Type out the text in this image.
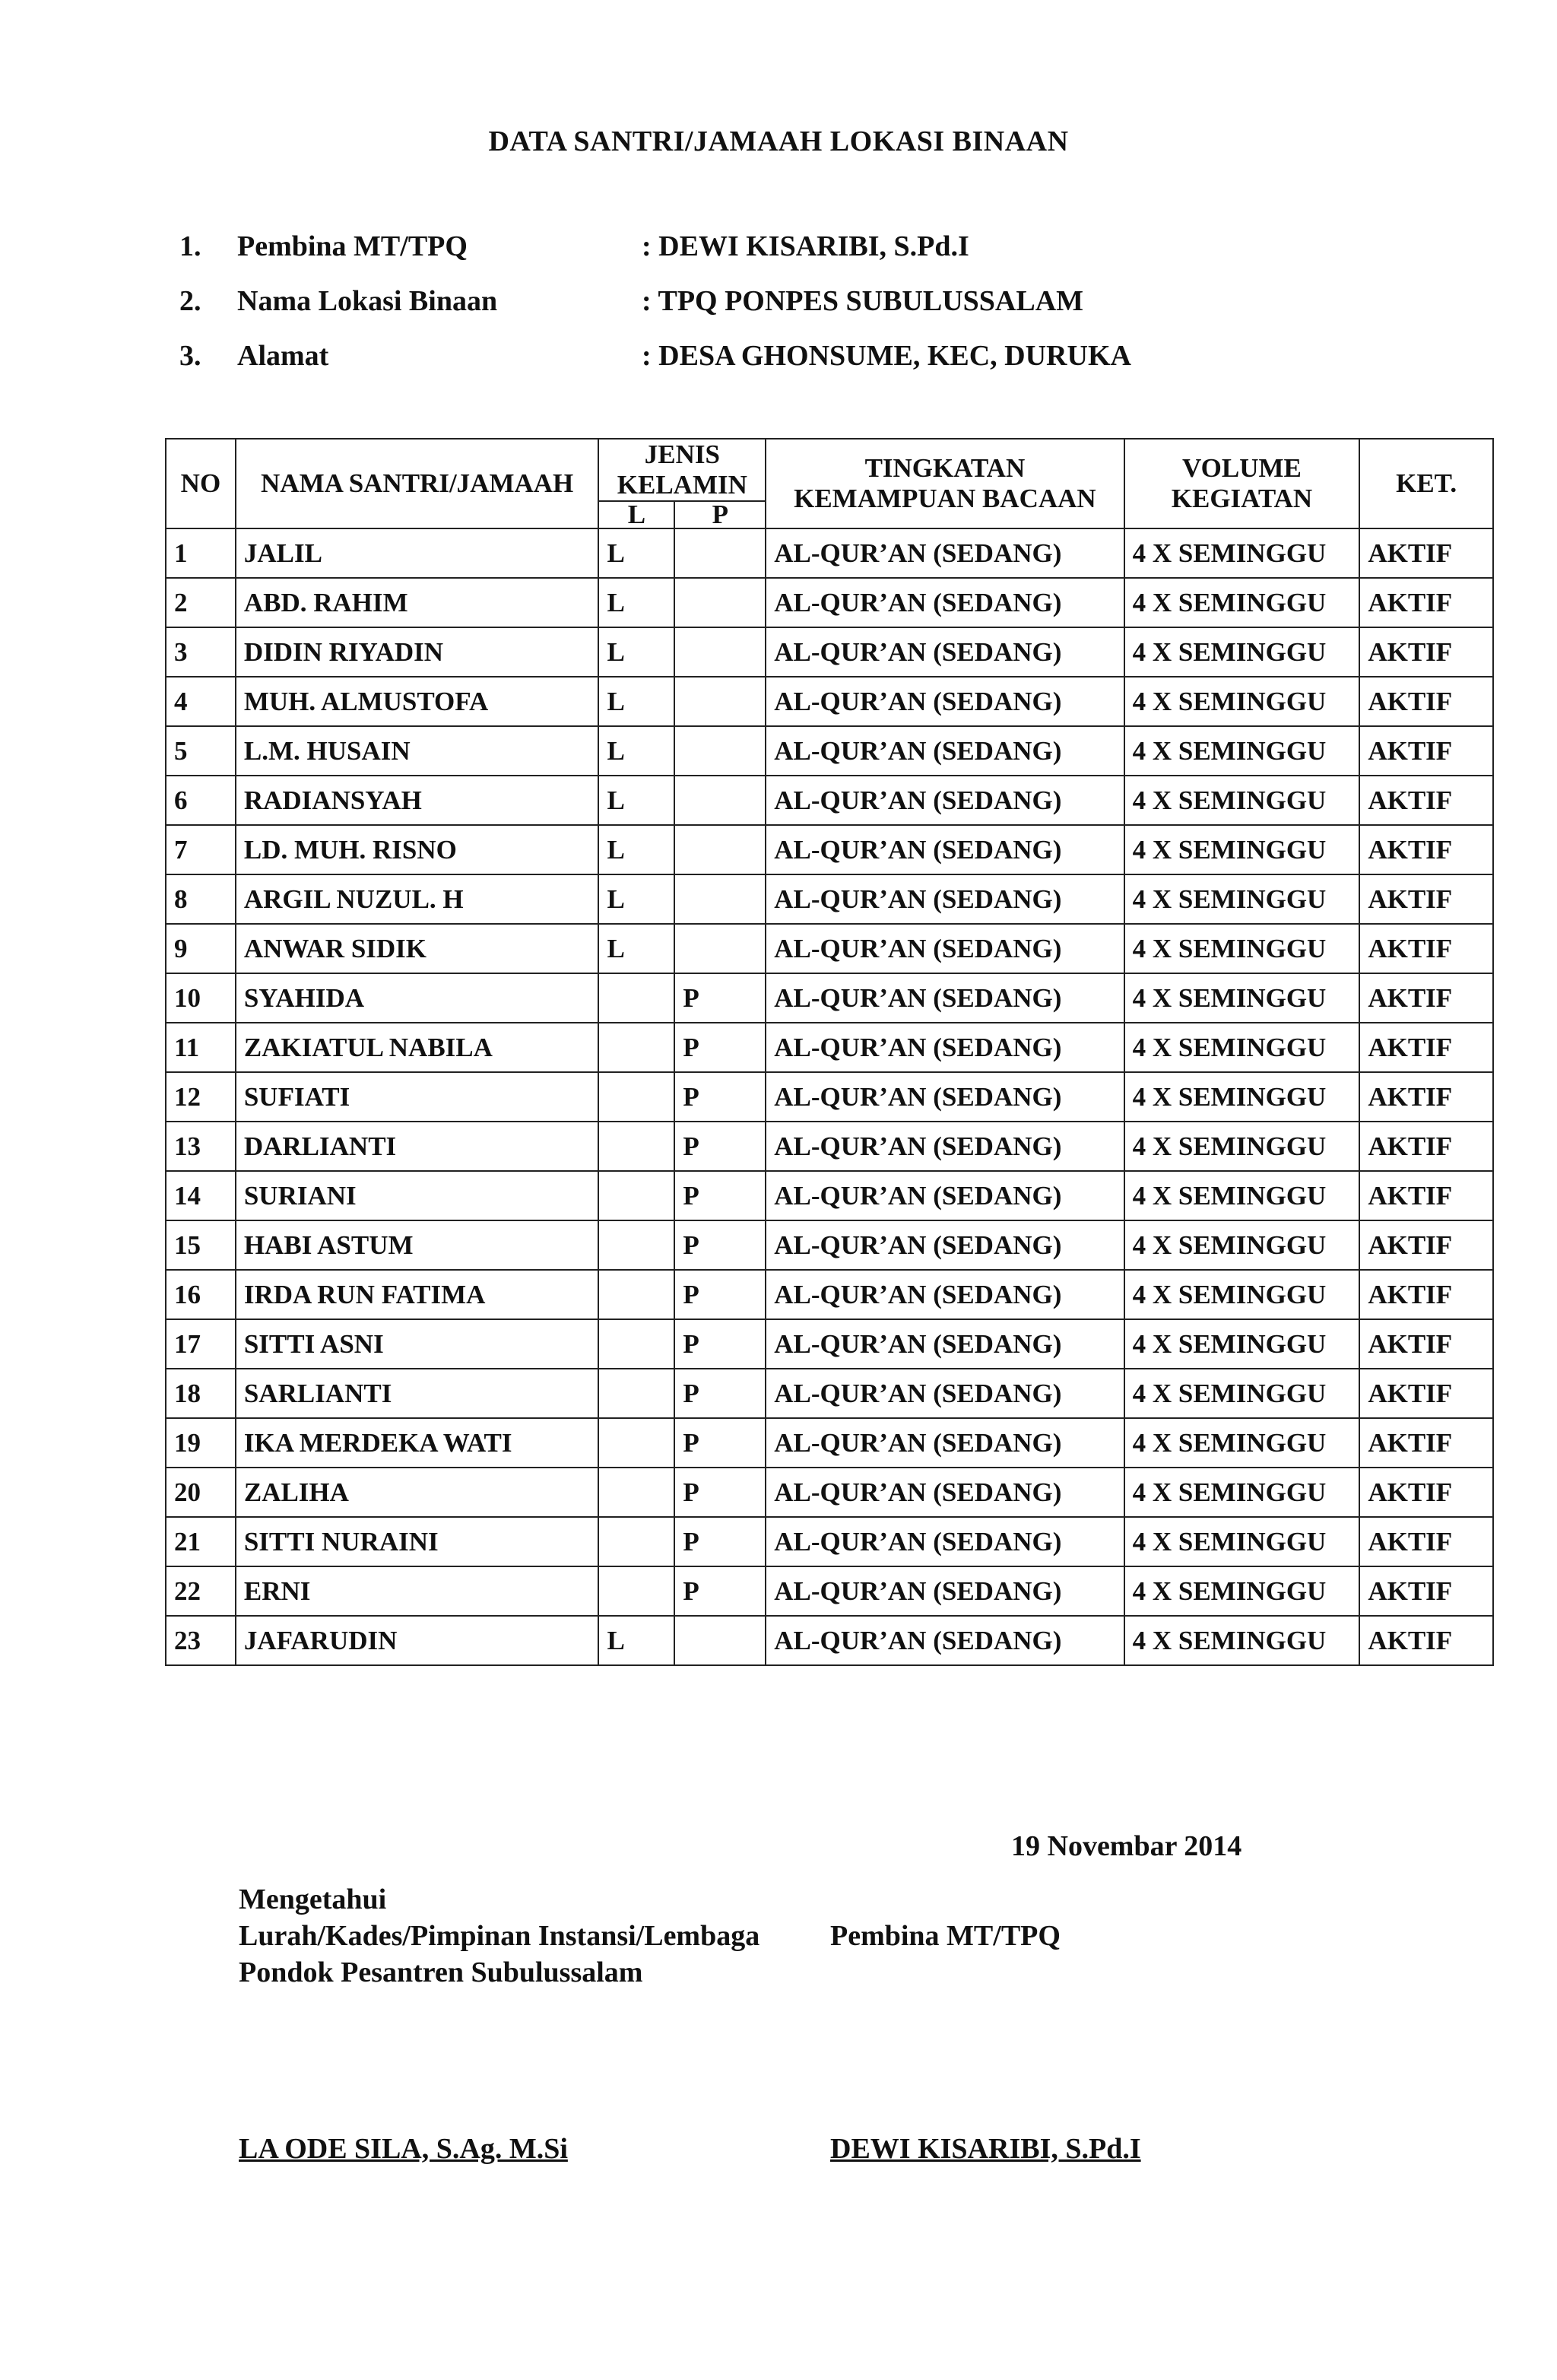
DATA SANTRI/JAMAAH LOKASI BINAAN
1.	Pembina MT/TPQ	: DEWI KISARIBI, S.Pd.I
2.	Nama Lokasi Binaan	: TPQ PONPES SUBULUSSALAM
3.	Alamat	: DESA GHONSUME, KEC, DURUKA
NO	NAMA SANTRI/JAMAAH	JENIS KELAMIN		TINGKATAN KEMAMPUAN BACAAN	VOLUME KEGIATAN	KET.
		L	P			
1	JALIL	L		AL-QUR’AN (SEDANG)	4 X SEMINGGU	AKTIF
2	ABD. RAHIM	L		AL-QUR’AN (SEDANG)	4 X SEMINGGU	AKTIF
3	DIDIN RIYADIN	L		AL-QUR’AN (SEDANG)	4 X SEMINGGU	AKTIF
4	MUH. ALMUSTOFA	L		AL-QUR’AN (SEDANG)	4 X SEMINGGU	AKTIF
5	L.M. HUSAIN	L		AL-QUR’AN (SEDANG)	4 X SEMINGGU	AKTIF
6	RADIANSYAH	L		AL-QUR’AN (SEDANG)	4 X SEMINGGU	AKTIF
7	LD. MUH. RISNO	L		AL-QUR’AN (SEDANG)	4 X SEMINGGU	AKTIF
8	ARGIL NUZUL. H	L		AL-QUR’AN (SEDANG)	4 X SEMINGGU	AKTIF
9	ANWAR SIDIK	L		AL-QUR’AN (SEDANG)	4 X SEMINGGU	AKTIF
10	SYAHIDA		P	AL-QUR’AN (SEDANG)	4 X SEMINGGU	AKTIF
11	ZAKIATUL NABILA		P	AL-QUR’AN (SEDANG)	4 X SEMINGGU	AKTIF
12	SUFIATI		P	AL-QUR’AN (SEDANG)	4 X SEMINGGU	AKTIF
13	DARLIANTI		P	AL-QUR’AN (SEDANG)	4 X SEMINGGU	AKTIF
14	SURIANI		P	AL-QUR’AN (SEDANG)	4 X SEMINGGU	AKTIF
15	HABI ASTUM		P	AL-QUR’AN (SEDANG)	4 X SEMINGGU	AKTIF
16	IRDA RUN FATIMA		P	AL-QUR’AN (SEDANG)	4 X SEMINGGU	AKTIF
17	SITTI ASNI		P	AL-QUR’AN (SEDANG)	4 X SEMINGGU	AKTIF
18	SARLIANTI		P	AL-QUR’AN (SEDANG)	4 X SEMINGGU	AKTIF
19	IKA MERDEKA WATI		P	AL-QUR’AN (SEDANG)	4 X SEMINGGU	AKTIF
20	ZALIHA		P	AL-QUR’AN (SEDANG)	4 X SEMINGGU	AKTIF
21	SITTI NURAINI		P	AL-QUR’AN (SEDANG)	4 X SEMINGGU	AKTIF
22	ERNI		P	AL-QUR’AN (SEDANG)	4 X SEMINGGU	AKTIF
23	JAFARUDIN	L		AL-QUR’AN (SEDANG)	4 X SEMINGGU	AKTIF
19 Novembar 2014
Mengetahui
Lurah/Kades/Pimpinan Instansi/Lembaga
Pondok Pesantren Subulussalam
Pembina MT/TPQ
LA ODE SILA, S.Ag. M.Si	DEWI KISARIBI, S.Pd.I
